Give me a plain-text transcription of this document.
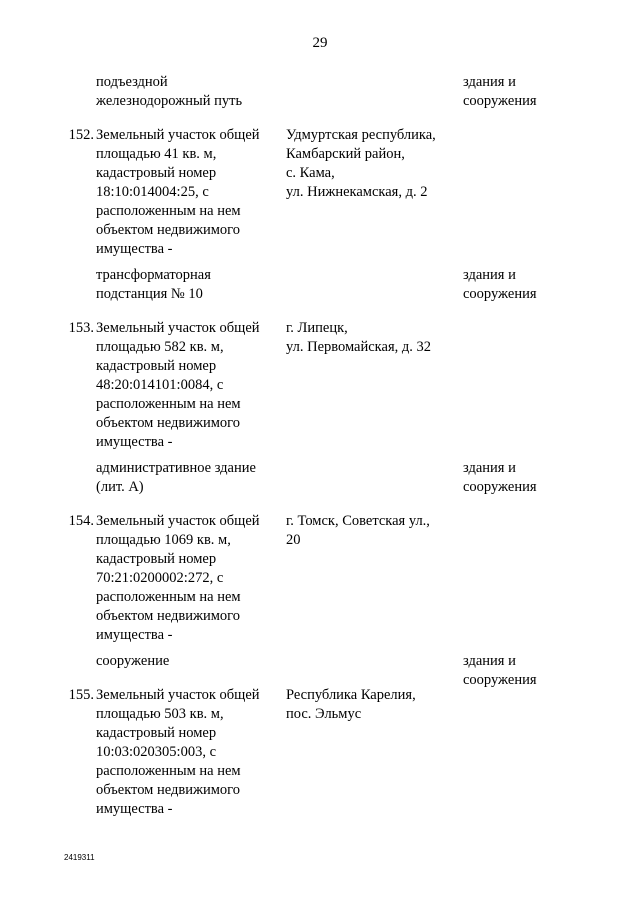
29
подъездной
железнодорожный путь
здания и
сооружения
152. Земельный участок общей
площадью 41 кв. м,
кадастровый номер
18:10:014004:25, с
расположенным на нем
объектом недвижимого
имущества -
Удмуртская республика,
Камбарский район,
с. Кама,
ул. Нижнекамская, д. 2
трансформаторная
подстанция № 10
здания и
сооружения
153. Земельный участок общей
площадью 582 кв. м,
кадастровый номер
48:20:014101:0084, с
расположенным на нем
объектом недвижимого
имущества -
г. Липецк,
ул. Первомайская, д. 32
административное здание
(лит. А)
здания и
сооружения
154. Земельный участок общей
площадью 1069 кв. м,
кадастровый номер
70:21:0200002:272, с
расположенным на нем
объектом недвижимого
имущества -
г. Томск, Советская ул.,
20
сооружение	здания и
сооружения
155. Земельный участок общей
площадью 503 кв. м,
кадастровый номер
10:03:020305:003, с
расположенным на нем
объектом недвижимого
имущества -
Республика Карелия,
пос. Эльмус
2419311
